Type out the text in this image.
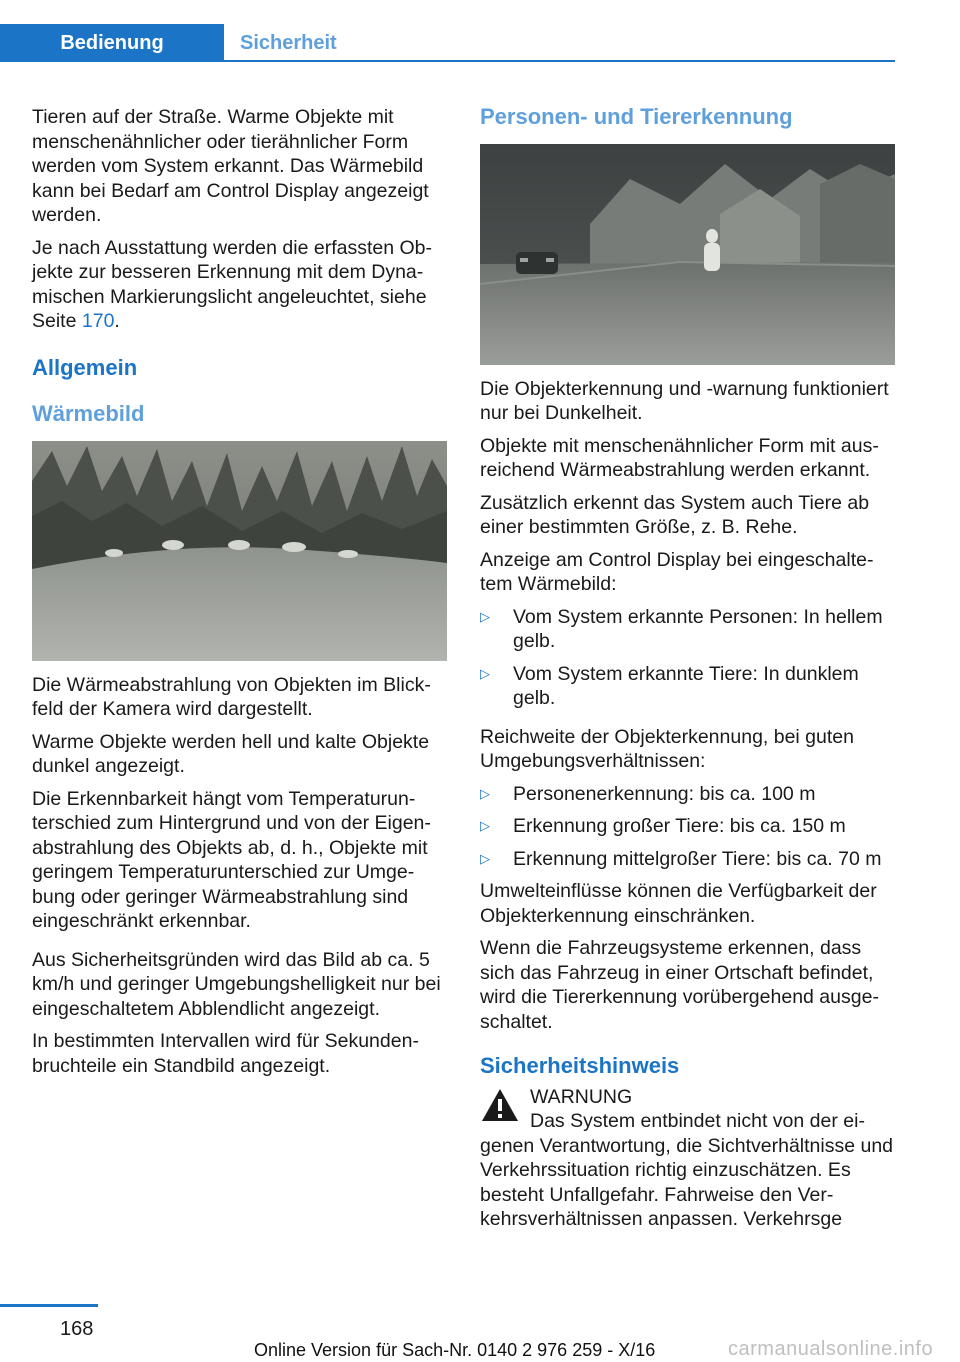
Bedienung	Sicherheit

Tieren auf der Straße. Warme Objekte mit menschenähnlicher oder tierähnlicher Form werden vom System erkannt. Das Wärmebild kann bei Bedarf am Control Display angezeigt werden.

Je nach Ausstattung werden die erfassten Objekte zur besseren Erkennung mit dem Dynamischen Markierungslicht angeleuchtet, siehe Seite 170.

Allgemein
Wärmebild

Die Wärmeabstrahlung von Objekten im Blickfeld der Kamera wird dargestellt.

Warme Objekte werden hell und kalte Objekte dunkel angezeigt.

Die Erkennbarkeit hängt vom Temperaturunterschied zum Hintergrund und von der Eigenabstrahlung des Objekts ab, d. h., Objekte mit geringem Temperaturunterschied zur Umgebung oder geringer Wärmeabstrahlung sind eingeschränkt erkennbar.

Aus Sicherheitsgründen wird das Bild ab ca. 5 km/h und geringer Umgebungshelligkeit nur bei eingeschaltetem Abblendlicht angezeigt.

In bestimmten Intervallen wird für Sekundenbruchteile ein Standbild angezeigt.

Personen- und Tiererkennung

Die Objekterkennung und -warnung funktioniert nur bei Dunkelheit.

Objekte mit menschenähnlicher Form mit ausreichend Wärmeabstrahlung werden erkannt.

Zusätzlich erkennt das System auch Tiere ab einer bestimmten Größe, z. B. Rehe.

Anzeige am Control Display bei eingeschaltetem Wärmebild:

▷ Vom System erkannte Personen: In hellem gelb.
▷ Vom System erkannte Tiere: In dunklem gelb.

Reichweite der Objekterkennung, bei guten Umgebungsverhältnissen:

▷ Personenerkennung: bis ca. 100 m
▷ Erkennung großer Tiere: bis ca. 150 m
▷ Erkennung mittelgroßer Tiere: bis ca. 70 m

Umwelteinflüsse können die Verfügbarkeit der Objekterkennung einschränken.

Wenn die Fahrzeugsysteme erkennen, dass sich das Fahrzeug in einer Ortschaft befindet, wird die Tiererkennung vorübergehend ausgeschaltet.

Sicherheitshinweis
WARNUNG
Das System entbindet nicht von der eigenen Verantwortung, die Sichtverhältnisse und Verkehrssituation richtig einzuschätzen. Es besteht Unfallgefahr. Fahrweise den Verkehrsverhältnissen anpassen. Verkehrsge
168
Online Version für Sach-Nr. 0140 2 976 259 - X/16	carmanualsonline.info
